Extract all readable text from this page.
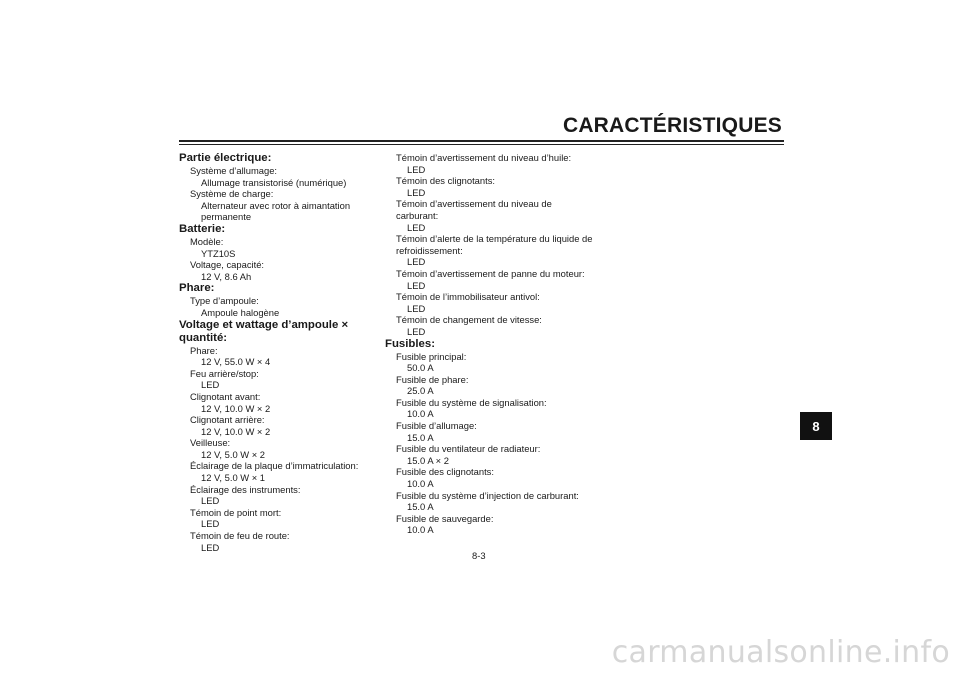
CARACTÉRISTIQUES
8
Partie électrique:
Système d’allumage:
Allumage transistorisé (numérique)
Système de charge:
Alternateur avec rotor à aimantation permanente
Batterie:
Modèle:
YTZ10S
Voltage, capacité:
12 V, 8.6 Ah
Phare:
Type d’ampoule:
Ampoule halogène
Voltage et wattage d’ampoule × quantité:
Phare:
12 V, 55.0 W × 4
Feu arrière/stop:
LED
Clignotant avant:
12 V, 10.0 W × 2
Clignotant arrière:
12 V, 10.0 W × 2
Veilleuse:
12 V, 5.0 W × 2
Éclairage de la plaque d’immatriculation:
12 V, 5.0 W × 1
Éclairage des instruments:
LED
Témoin de point mort:
LED
Témoin de feu de route:
LED
Témoin d’avertissement du niveau d’huile:
LED
Témoin des clignotants:
LED
Témoin d’avertissement du niveau de carburant:
LED
Témoin d’alerte de la température du liquide de refroidissement:
LED
Témoin d’avertissement de panne du moteur:
LED
Témoin de l’immobilisateur antivol:
LED
Témoin de changement de vitesse:
LED
Fusibles:
Fusible principal:
50.0 A
Fusible de phare:
25.0 A
Fusible du système de signalisation:
10.0 A
Fusible d’allumage:
15.0 A
Fusible du ventilateur de radiateur:
15.0 A × 2
Fusible des clignotants:
10.0 A
Fusible du système d’injection de carburant:
15.0 A
Fusible de sauvegarde:
10.0 A
8-3
carmanualsonline.info
